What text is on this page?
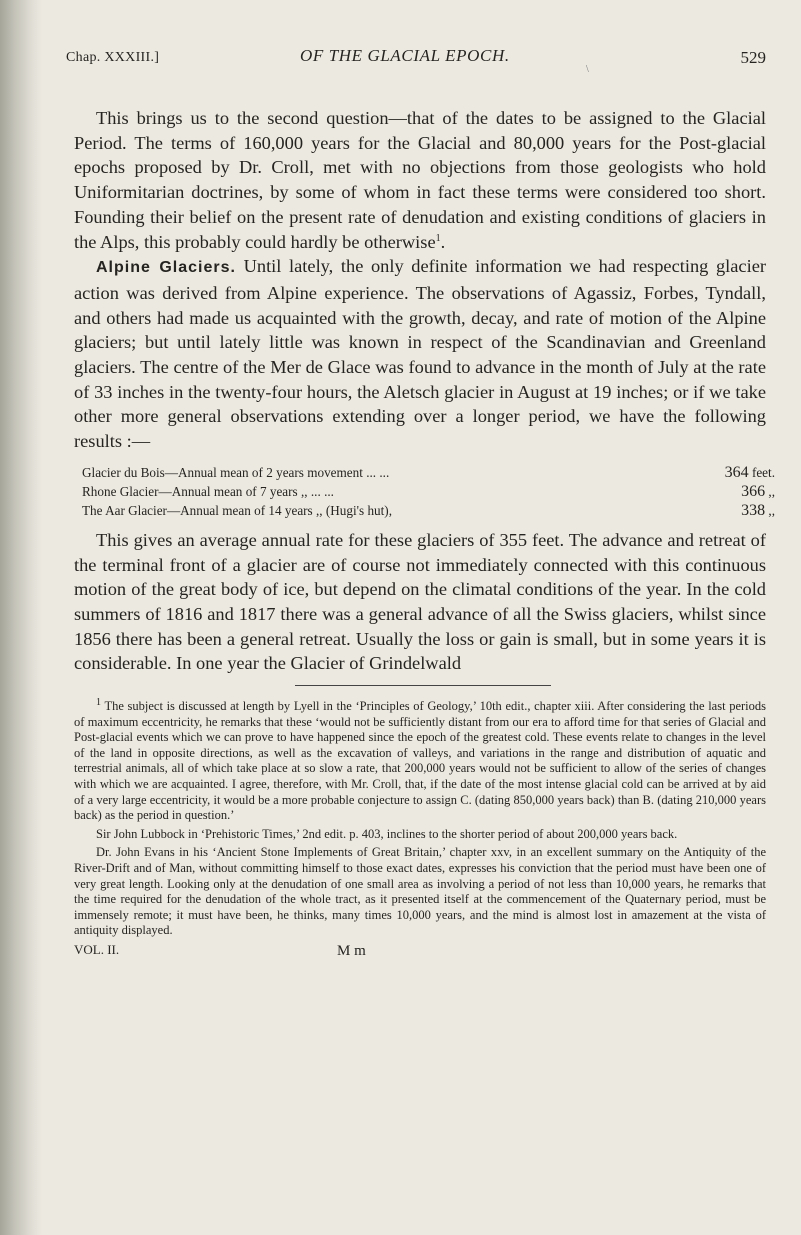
Chap. XXXIII.]	OF THE GLACIAL EPOCH.
\
529

This brings us to the second question—that of the dates to be assigned to the Glacial Period. The terms of 160,000 years for the Glacial and 80,000 years for the Post-glacial epochs proposed by Dr. Croll, met with no objections from those geologists who hold Uniformitarian doctrines, by some of whom in fact these terms were considered too short. Founding their belief on the present rate of denudation and existing conditions of glaciers in the Alps, this probably could hardly be otherwise$^1$.

Alpine Glaciers. Until lately, the only definite information we had respecting glacier action was derived from Alpine experience. The observations of Agassiz, Forbes, Tyndall, and others had made us acquainted with the growth, decay, and rate of motion of the Alpine glaciers; but until lately little was known in respect of the Scandinavian and Greenland glaciers. The centre of the Mer de Glace was found to advance in the month of July at the rate of 33 inches in the twenty-four hours, the Aletsch glacier in August at 19 inches; or if we take other more general observations extending over a longer period, we have the following results :—

Glacier du Bois—Annual mean of 2 years movement ... ...	364 feet.
Rhone Glacier—Annual mean of 7 years ,, ... ...	366 ,,
The Aar Glacier—Annual mean of 14 years ,, (Hugi's hut),	338 ,,

This gives an average annual rate for these glaciers of 355 feet. The advance and retreat of the terminal front of a glacier are of course not immediately connected with this continuous motion of the great body of ice, but depend on the climatal conditions of the year. In the cold summers of 1816 and 1817 there was a general advance of all the Swiss glaciers, whilst since 1856 there has been a general retreat. Usually the loss or gain is small, but in some years it is considerable. In one year the Glacier of Grindelwald

$^1$ The subject is discussed at length by Lyell in the ‘Principles of Geology,’ 10th edit., chapter xiii. After considering the last periods of maximum eccentricity, he remarks that these ‘would not be sufficiently distant from our era to afford time for that series of Glacial and Post-glacial events which we can prove to have happened since the epoch of the greatest cold. These events relate to changes in the level of the land in opposite directions, as well as the excavation of valleys, and variations in the range and distribution of aquatic and terrestrial animals, all of which take place at so slow a rate, that 200,000 years would not be sufficient to allow of the series of changes with which we are acquainted. I agree, therefore, with Mr. Croll, that, if the date of the most intense glacial cold can be arrived at by aid of a very large eccentricity, it would be a more probable conjecture to assign C. (dating 850,000 years back) than B. (dating 210,000 years back) as the period in question.’

Sir John Lubbock in ‘Prehistoric Times,’ 2nd edit. p. 403, inclines to the shorter period of about 200,000 years back.

Dr. John Evans in his ‘Ancient Stone Implements of Great Britain,’ chapter xxv, in an excellent summary on the Antiquity of the River-Drift and of Man, without committing himself to those exact dates, expresses his conviction that the period must have been one of very great length. Looking only at the denudation of one small area as involving a period of not less than 10,000 years, he remarks that the time required for the denudation of the whole tract, as it presented itself at the commencement of the Quaternary period, must be immensely remote; it must have been, he thinks, many times 10,000 years, and the mind is almost lost in amazement at the vista of antiquity displayed.

VOL. II.	M m
